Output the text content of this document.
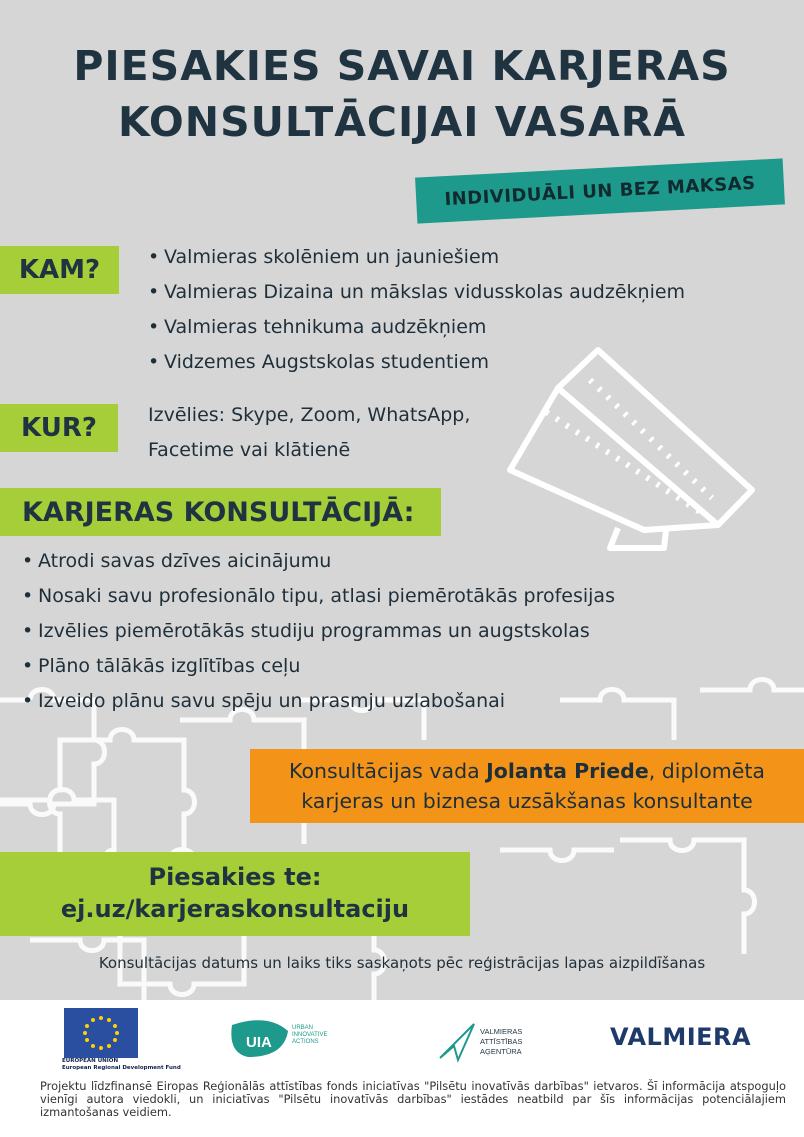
PIESAKIES SAVAI KARJERAS
KONSULTĀCIJAI VASARĀ
INDIVIDUĀLI UN BEZ MAKSAS
KAM?	• Valmieras skolēniem un jauniešiem
• Valmieras Dizaina un mākslas vidusskolas audzēkņiem
• Valmieras tehnikuma audzēkņiem
• Vidzemes Augstskolas studentiem
KUR?	Izvēlies: Skype, Zoom, WhatsApp,
Facetime vai klātienē
KARJERAS KONSULTĀCIJĀ:
• Atrodi savas dzīves aicinājumu
• Nosaki savu profesionālo tipu, atlasi piemērotākās profesijas
• Izvēlies piemērotākās studiju programmas un augstskolas
• Plāno tālākās izglītības ceļu
• Izveido plānu savu spēju un prasmju uzlabošanai
Konsultācijas vada Jolanta Priede, diplomēta
karjeras un biznesa uzsākšanas konsultante
Piesakies te:
ej.uz/karjeraskonsultaciju
Konsultācijas datums un laiks tiks saskaņots pēc reģistrācijas lapas aizpildīšanas
EUROPEAN UNION
European Regional Development Fund
UIA
URBAN
INNOVATIVE
ACTIONS
VALMIERAS
ATTĪSTĪBAS
AĢENTŪRA
VALMIERA
Projektu līdzfinansē Eiropas Reģionālās attīstības fonds iniciatīvas "Pilsētu inovatīvās darbības" ietvaros. Šī informācija atspoguļo vienīgi autora viedokli, un iniciatīvas "Pilsētu inovatīvās darbības" iestādes neatbild par šīs informācijas potenciālajiem izmantošanas veidiem.
